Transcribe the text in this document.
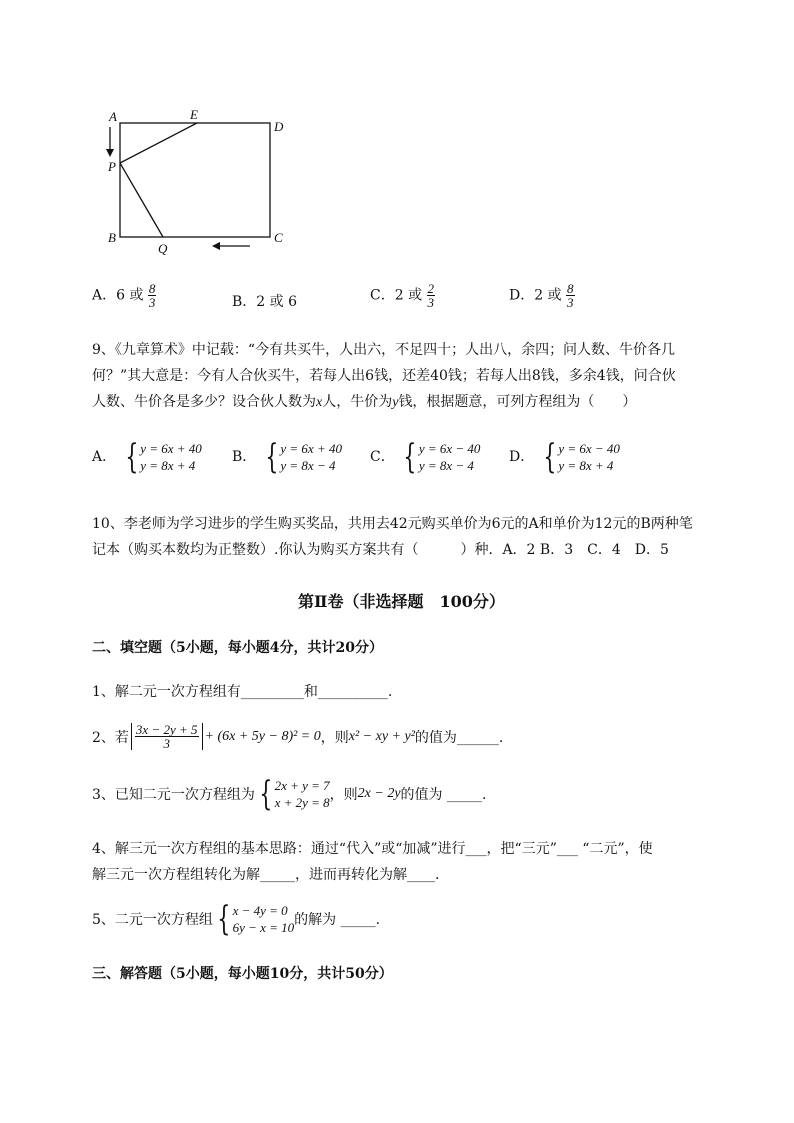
A	E
D
P
B
Q
C
A．6 或 $\frac{8}{3}$	B．2 或 6	C．2 或 $\frac{2}{3}$	D．2 或 $\frac{8}{3}$
9、《九章算术》中记载：“今有共买牛，人出六，不足四十；人出八，余四；问人数、牛价各几
何？”其大意是：今有人合伙买牛，若每人出6钱，还差40钱；若每人出8钱，多余4钱，问合伙
人数、牛价各是多少？设合伙人数为x人，牛价为y钱，根据题意，可列方程组为（　　）
A． { y = 6x + 40
y = 8x + 4
B． { y = 6x + 40
y = 8x − 4
C． { y = 6x − 40
y = 8x − 4
D． { y = 6x − 40
y = 8x + 4
10、李老师为学习进步的学生购买奖品，共用去42元购买单价为6元的A和单价为12元的B两种笔
记本（购买本数均为正整数）.你认为购买方案共有（　　　）种．A．2 B．3　C．4　D．5
第Ⅱ卷（非选择题　100分）
二、填空题（5小题，每小题4分，共计20分）
1、解二元一次方程组有_________和__________.
2、若 $\frac{3x - 2y + 5}{3} + (6x + 5y - 8)^2 = 0$ ，则 x² − xy + y² 的值为______.
3、已知二元一次方程组为 { 2x + y = 7
x + 2y = 8 ，则 2x − 2y 的值为 _____.
4、解三元一次方程组的基本思路：通过“代入”或“加减”进行___，把“三元”___ “二元”，使
解三元一次方程组转化为解_____，进而再转化为解____.
5、二元一次方程组 { x − 4y = 0
6y − x = 10 的解为 _____.
三、解答题（5小题，每小题10分，共计50分）
